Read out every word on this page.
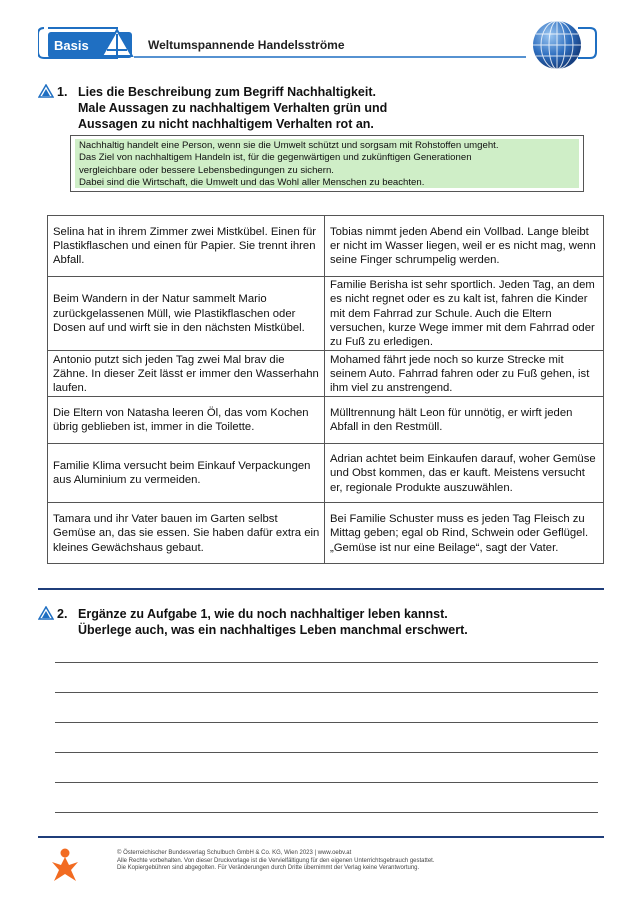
Basis	Weltumspannende Handelsströme
1. Lies die Beschreibung zum Begriff Nachhaltigkeit.
Male Aussagen zu nachhaltigem Verhalten grün und
Aussagen zu nicht nachhaltigem Verhalten rot an.
Nachhaltig handelt eine Person, wenn sie die Umwelt schützt und sorgsam mit Rohstoffen umgeht.
Das Ziel von nachhaltigem Handeln ist, für die gegenwärtigen und zukünftigen Generationen
vergleichbare oder bessere Lebensbedingungen zu sichern.
Dabei sind die Wirtschaft, die Umwelt und das Wohl aller Menschen zu beachten.
Selina hat in ihrem Zimmer zwei Mistkübel. Einen für Plastikflaschen und einen für Papier. Sie trennt ihren Abfall.	Tobias nimmt jeden Abend ein Vollbad. Lange bleibt er nicht im Wasser liegen, weil er es nicht mag, wenn seine Finger schrumpelig werden.
Beim Wandern in der Natur sammelt Mario zurückgelassenen Müll, wie Plastikflaschen oder Dosen auf und wirft sie in den nächsten Mistkübel.	Familie Berisha ist sehr sportlich. Jeden Tag, an dem es nicht regnet oder es zu kalt ist, fahren die Kinder mit dem Fahrrad zur Schule. Auch die Eltern versuchen, kurze Wege immer mit dem Fahrrad oder zu Fuß zu erledigen.
Antonio putzt sich jeden Tag zwei Mal brav die Zähne. In dieser Zeit lässt er immer den Wasserhahn laufen.	Mohamed fährt jede noch so kurze Strecke mit seinem Auto. Fahrrad fahren oder zu Fuß gehen, ist ihm viel zu anstrengend.
Die Eltern von Natasha leeren Öl, das vom Kochen übrig geblieben ist, immer in die Toilette.	Mülltrennung hält Leon für unnötig, er wirft jeden Abfall in den Restmüll.
Familie Klima versucht beim Einkauf Verpackungen aus Aluminium zu vermeiden.	Adrian achtet beim Einkaufen darauf, woher Gemüse und Obst kommen, das er kauft. Meistens versucht er, regionale Produkte auszuwählen.
Tamara und ihr Vater bauen im Garten selbst Gemüse an, das sie essen. Sie haben dafür extra ein kleines Gewächshaus gebaut.	Bei Familie Schuster muss es jeden Tag Fleisch zu Mittag geben; egal ob Rind, Schwein oder Geflügel. „Gemüse ist nur eine Beilage“, sagt der Vater.
2. Ergänze zu Aufgabe 1, wie du noch nachhaltiger leben kannst.
Überlege auch, was ein nachhaltiges Leben manchmal erschwert.
© Österreichischer Bundesverlag Schulbuch GmbH & Co. KG, Wien 2023 | www.oebv.at
Alle Rechte vorbehalten. Von dieser Druckvorlage ist die Vervielfältigung für den eigenen Unterrichtsgebrauch gestattet.
Die Kopiergebühren sind abgegolten. Für Veränderungen durch Dritte übernimmt der Verlag keine Verantwortung.
